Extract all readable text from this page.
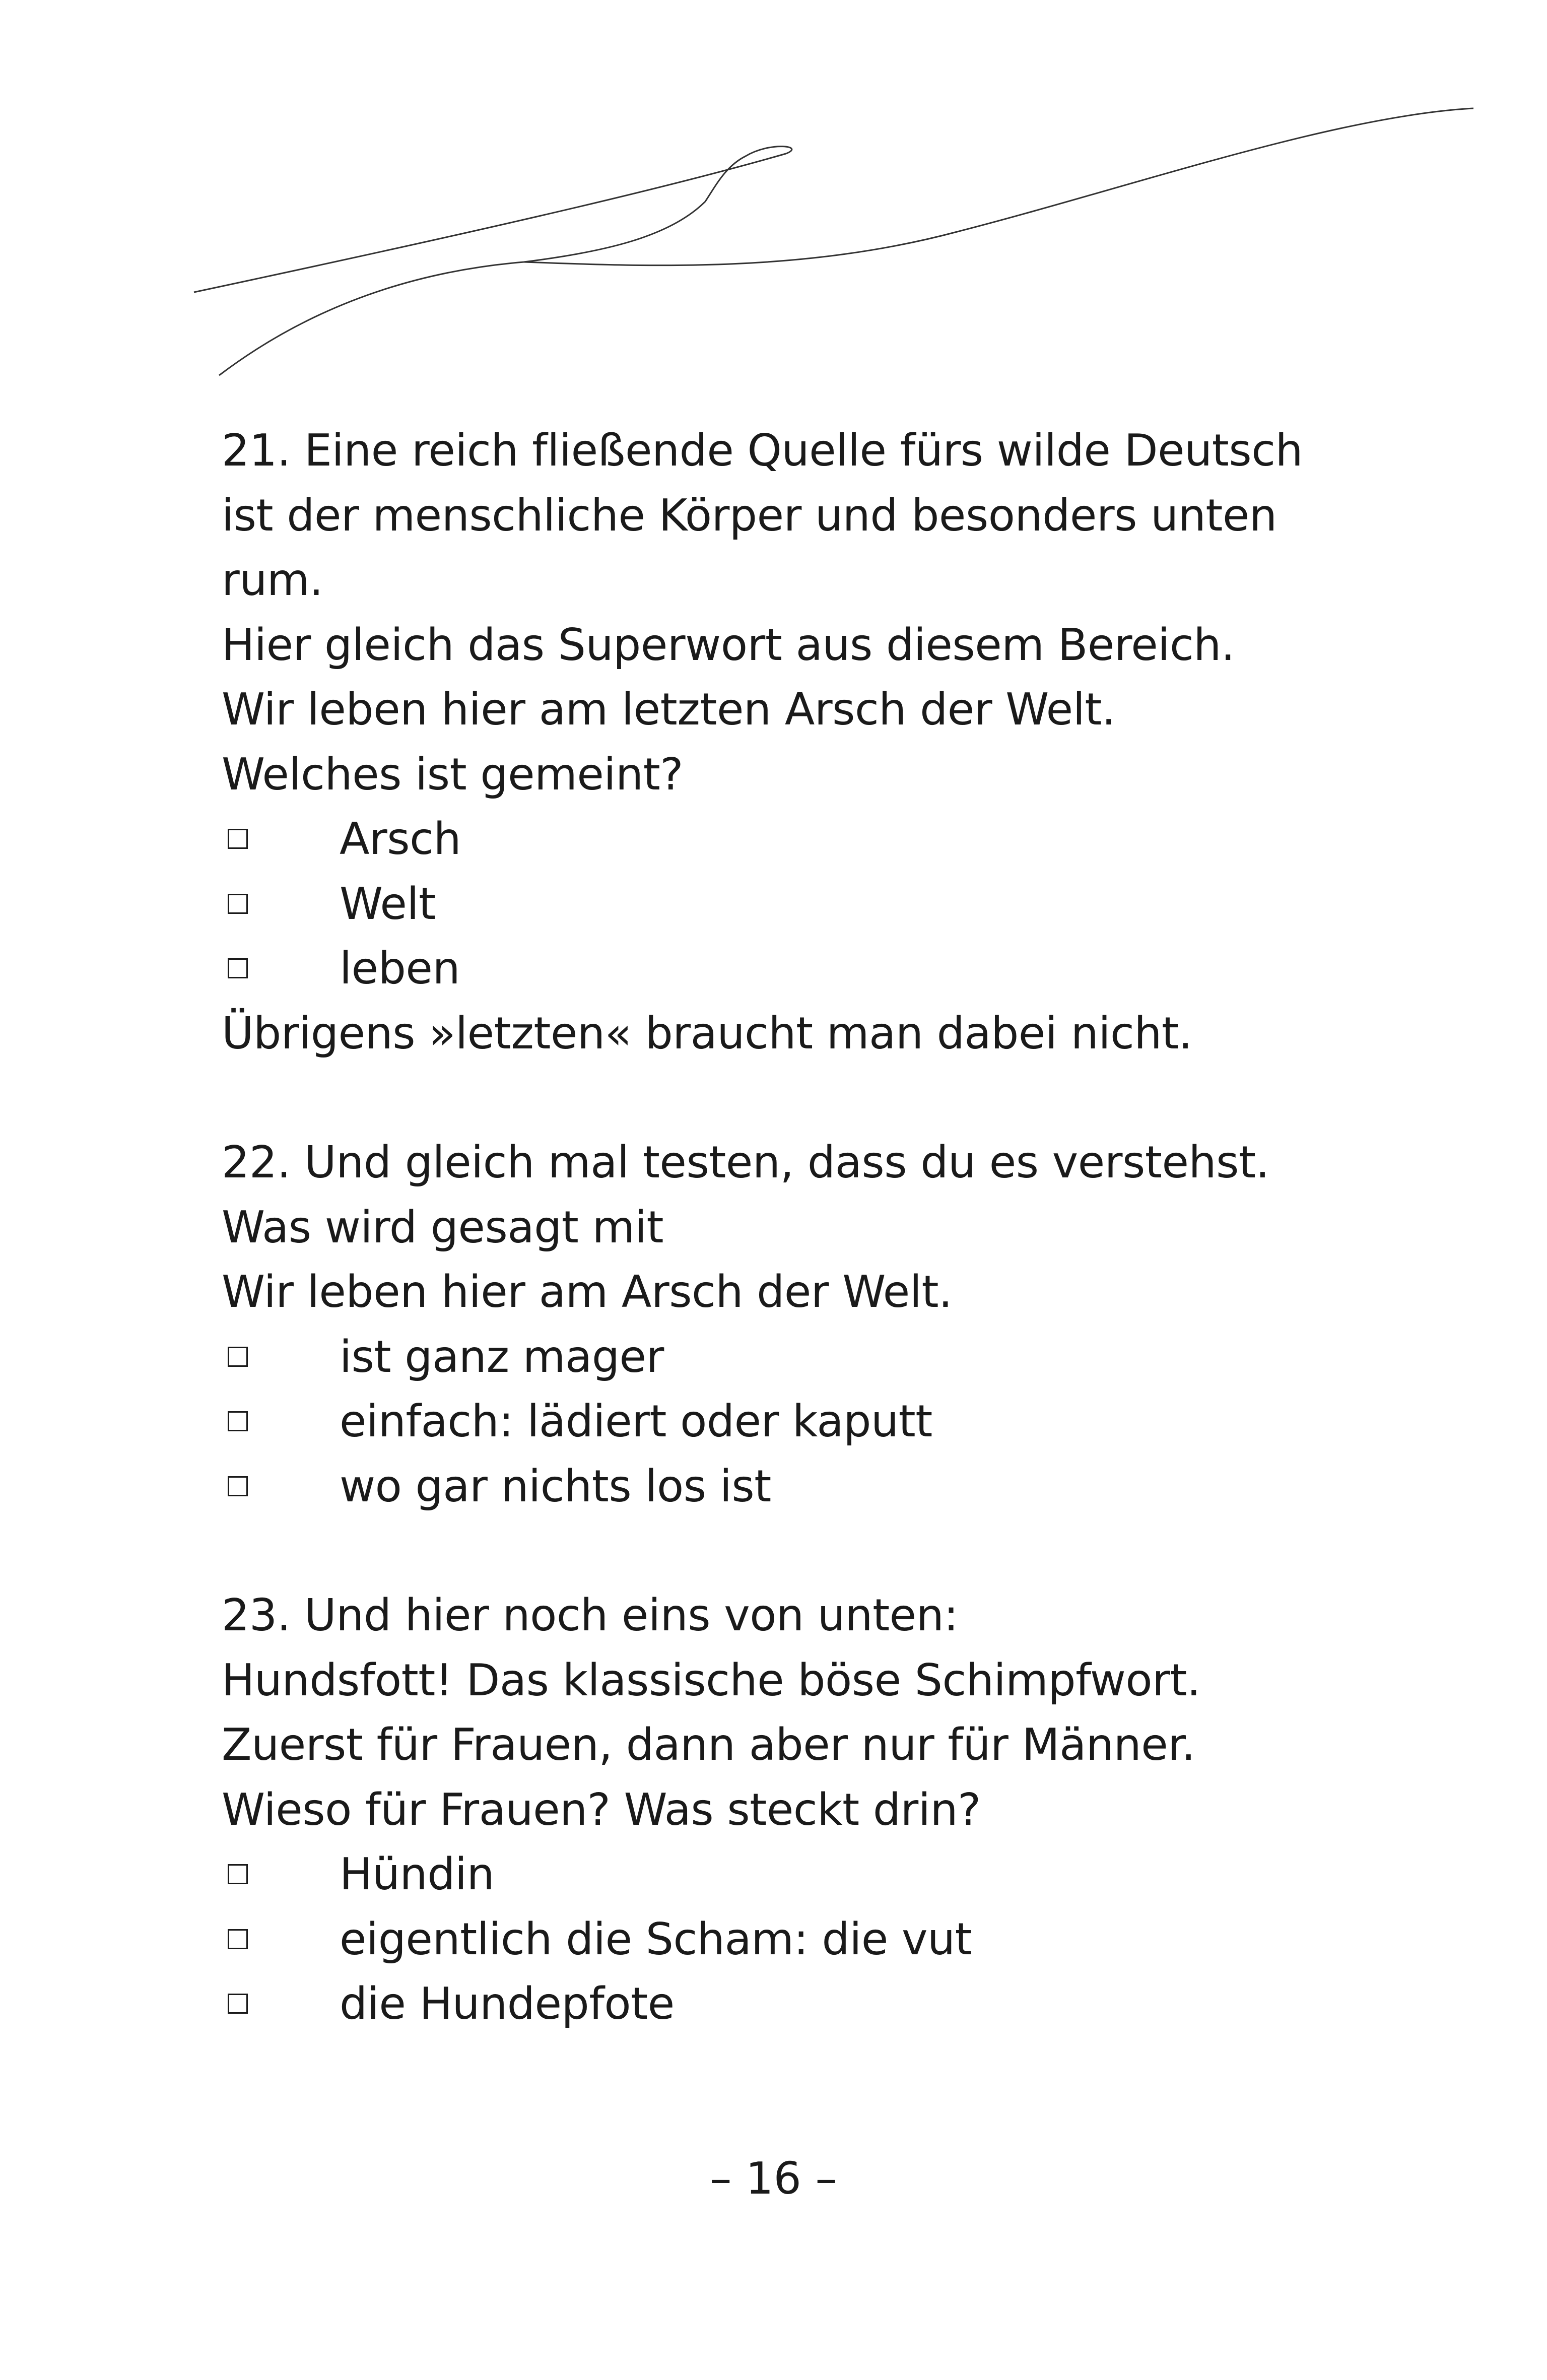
21. Eine reich fließende Quelle fürs wilde Deutsch
ist der menschliche Körper und besonders unten
rum.
Hier gleich das Superwort aus diesem Bereich.
Wir leben hier am letzten Arsch der Welt.
Welches ist gemeint?
Arsch
Welt
leben
Übrigens »letzten« braucht man dabei nicht.
22. Und gleich mal testen, dass du es verstehst.
Was wird gesagt mit
Wir leben hier am Arsch der Welt.
ist ganz mager
einfach: lädiert oder kaputt
wo gar nichts los ist
23. Und hier noch eins von unten:
Hundsfott! Das klassische böse Schimpfwort.
Zuerst für Frauen, dann aber nur für Männer.
Wieso für Frauen? Was steckt drin?
Hündin
eigentlich die Scham: die vut
die Hundepfote
– 16 –
